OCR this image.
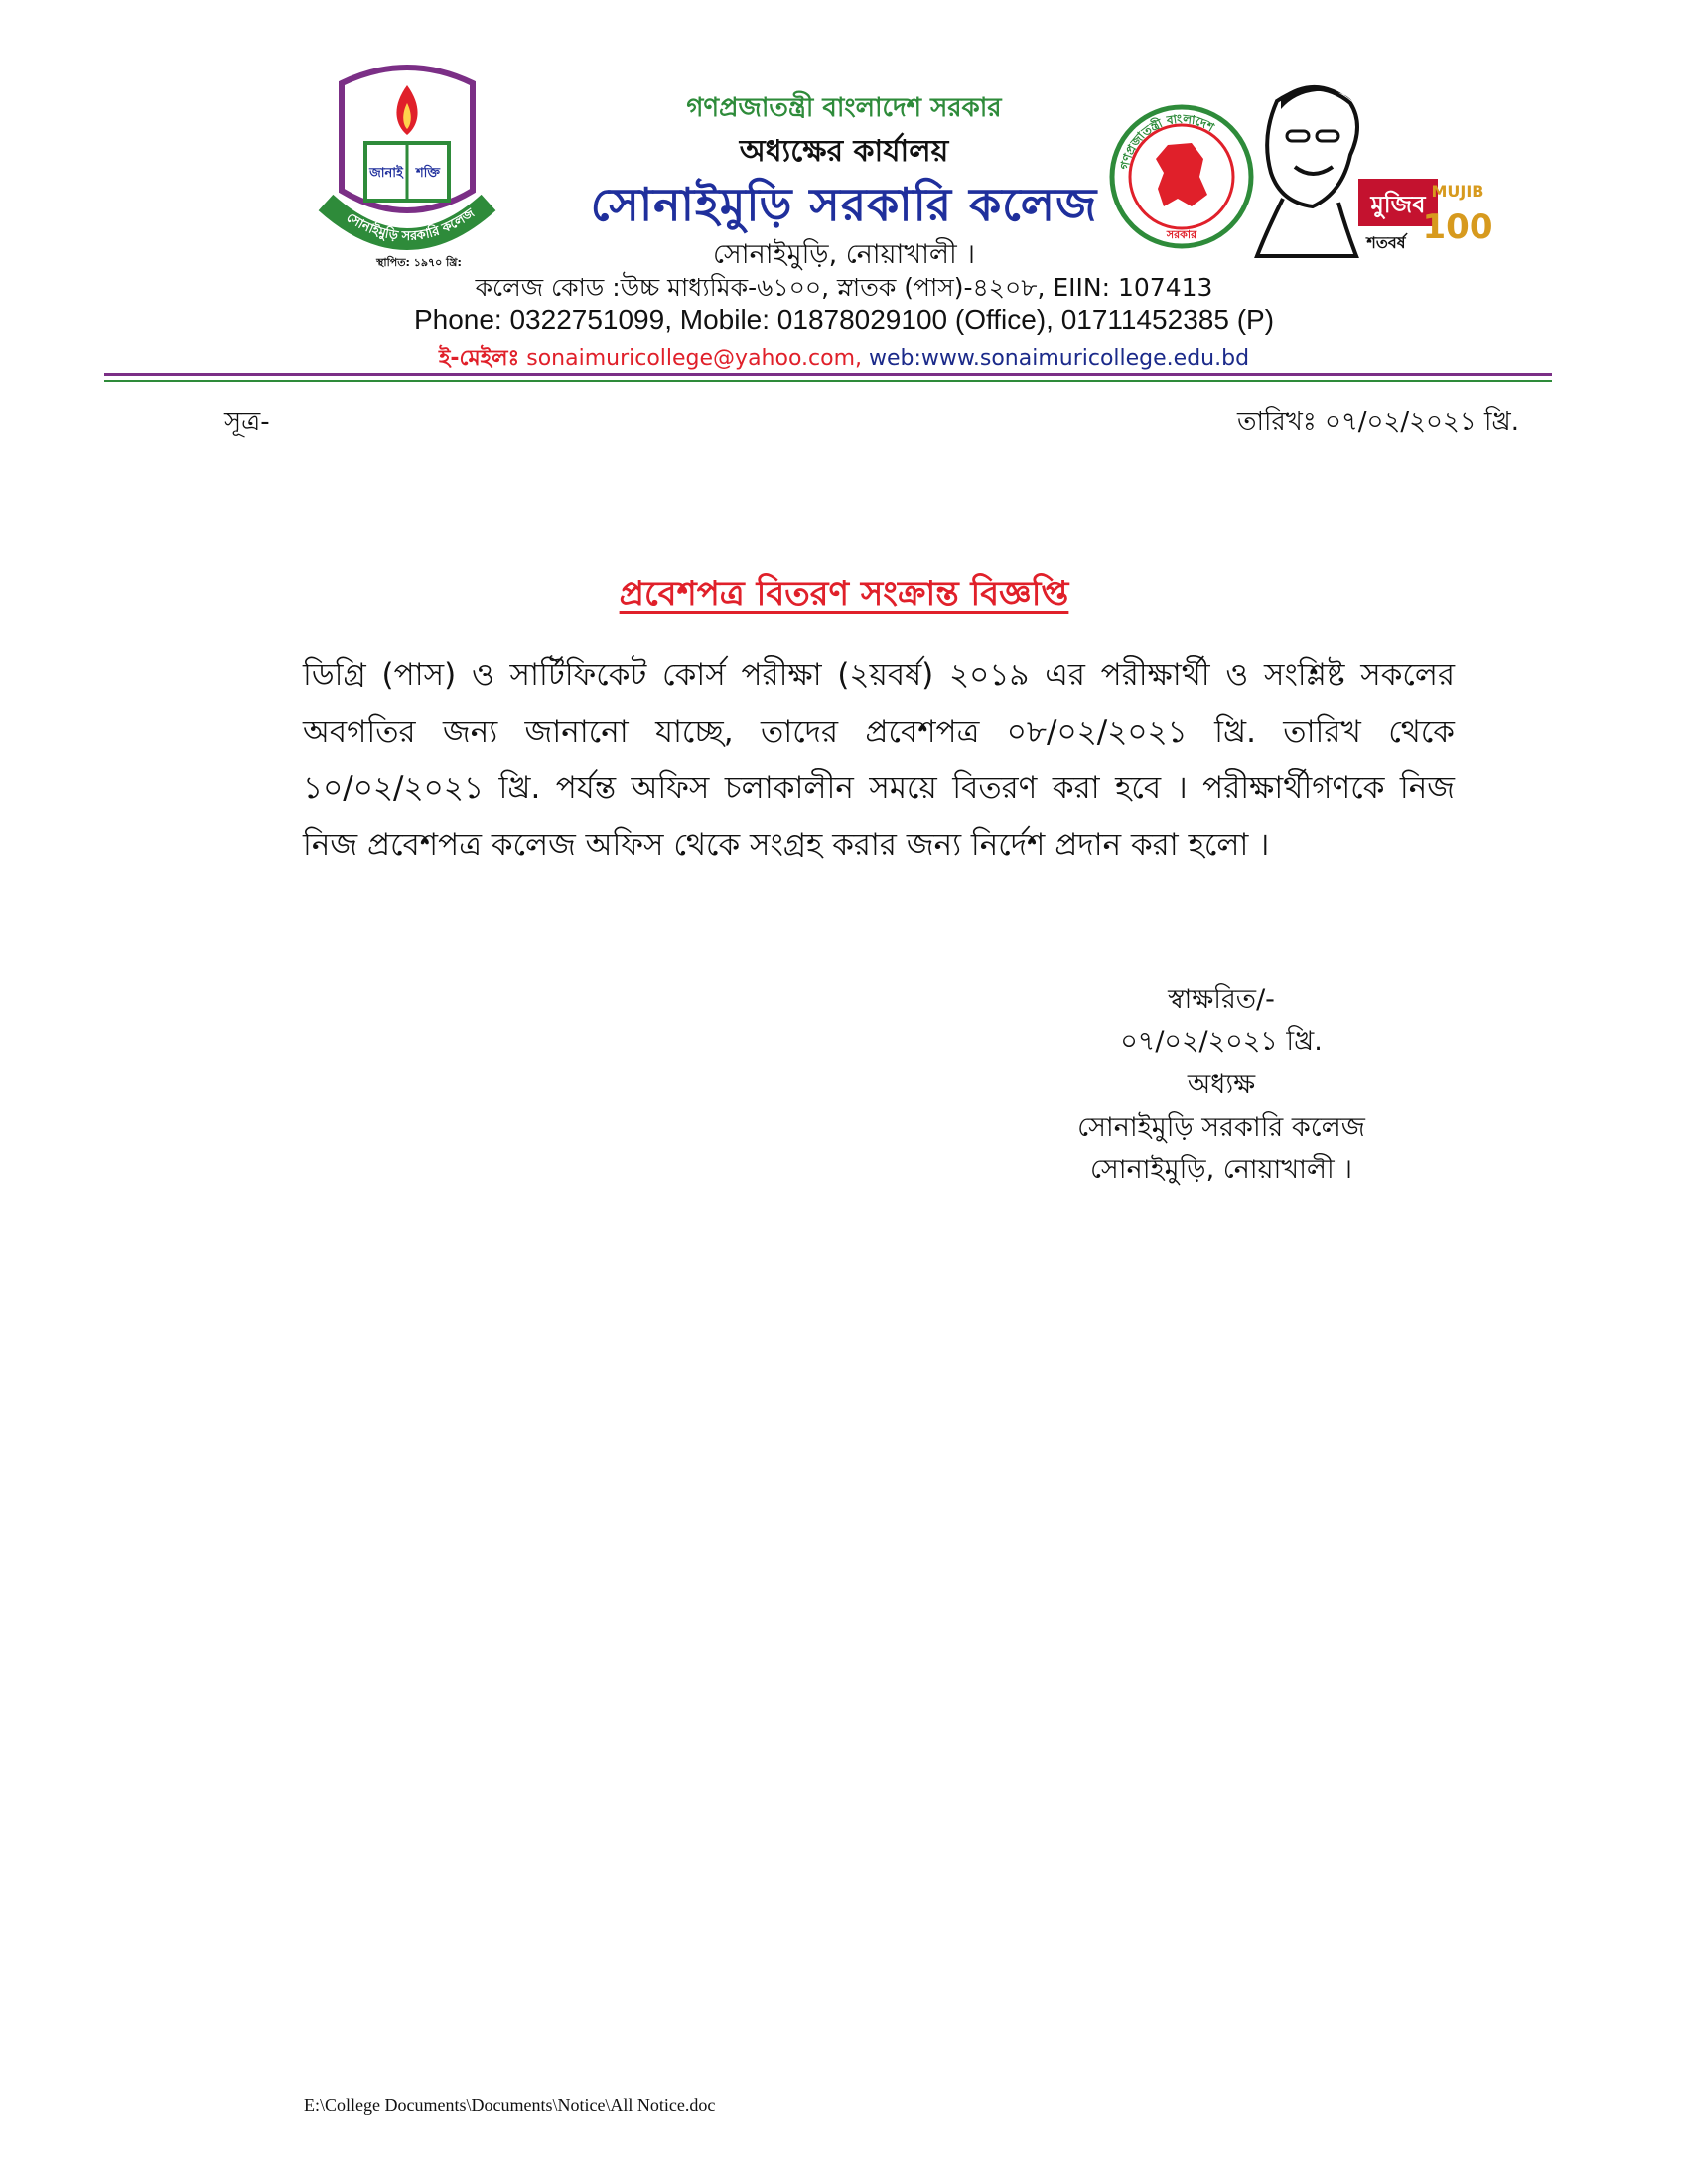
জানাই শক্তি
সোনাইমুড়ি সরকারি কলেজ
স্থাপিত: ১৯৭০ খ্রি:
গণপ্রজাতন্ত্রী বাংলাদেশ
সরকার
মুজিব
শতবর্ষ
MUJIB
100
গণপ্রজাতন্ত্রী বাংলাদেশ সরকার
অধ্যক্ষের কার্যালয়
সোনাইমুড়ি সরকারি কলেজ
সোনাইমুড়ি, নোয়াখালী ।
কলেজ কোড :উচ্চ মাধ্যমিক-৬১০০, স্নাতক (পাস)-৪২০৮, EIIN: 107413
Phone: 0322751099, Mobile: 01878029100 (Office), 01711452385 (P)
ই-মেইলঃ sonaimuricollege@yahoo.com, web:www.sonaimuricollege.edu.bd
সূত্র-	তারিখঃ ০৭/০২/২০২১ খ্রি.
প্রবেশপত্র বিতরণ সংক্রান্ত বিজ্ঞপ্তি
ডিগ্রি (পাস) ও সার্টিফিকেট কোর্স পরীক্ষা (২য়বর্ষ) ২০১৯ এর পরীক্ষার্থী ও সংশ্লিষ্ট সকলের অবগতির জন্য জানানো যাচ্ছে, তাদের প্রবেশপত্র ০৮/০২/২০২১ খ্রি. তারিখ থেকে ১০/০২/২০২১ খ্রি. পর্যন্ত অফিস চলাকালীন সময়ে বিতরণ করা হবে । পরীক্ষার্থীগণকে নিজ নিজ প্রবেশপত্র কলেজ অফিস থেকে সংগ্রহ করার জন্য নির্দেশ প্রদান করা হলো ।
স্বাক্ষরিত/-
০৭/০২/২০২১ খ্রি.
অধ্যক্ষ
সোনাইমুড়ি সরকারি কলেজ
সোনাইমুড়ি, নোয়াখালী ।
E:\College Documents\Documents\Notice\All Notice.doc
